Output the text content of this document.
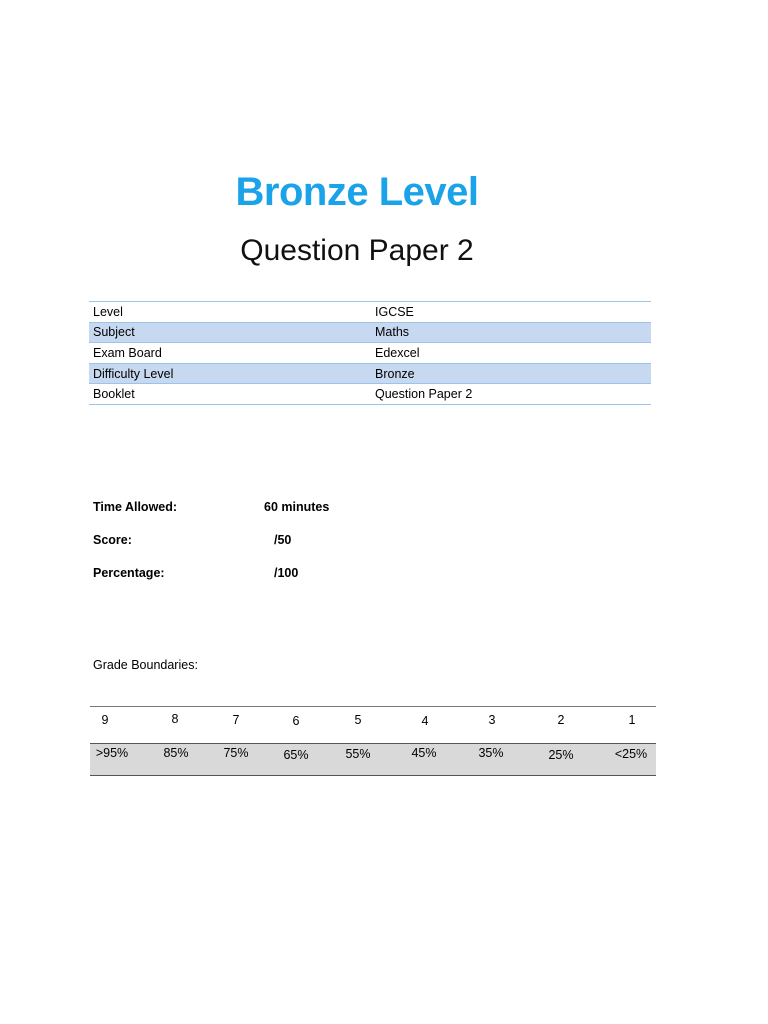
Bronze Level
Question Paper 2
Level	IGCSE
Subject	Maths
Exam Board	Edexcel
Difficulty Level	Bronze
Booklet	Question Paper 2
Time Allowed:	60 minutes
Score:	/50
Percentage:	/100
Grade Boundaries:
9	8	7	6	5	4	3	2	1
>95%	85%	75%	65%	55%	45%	35%	25%	<25%
